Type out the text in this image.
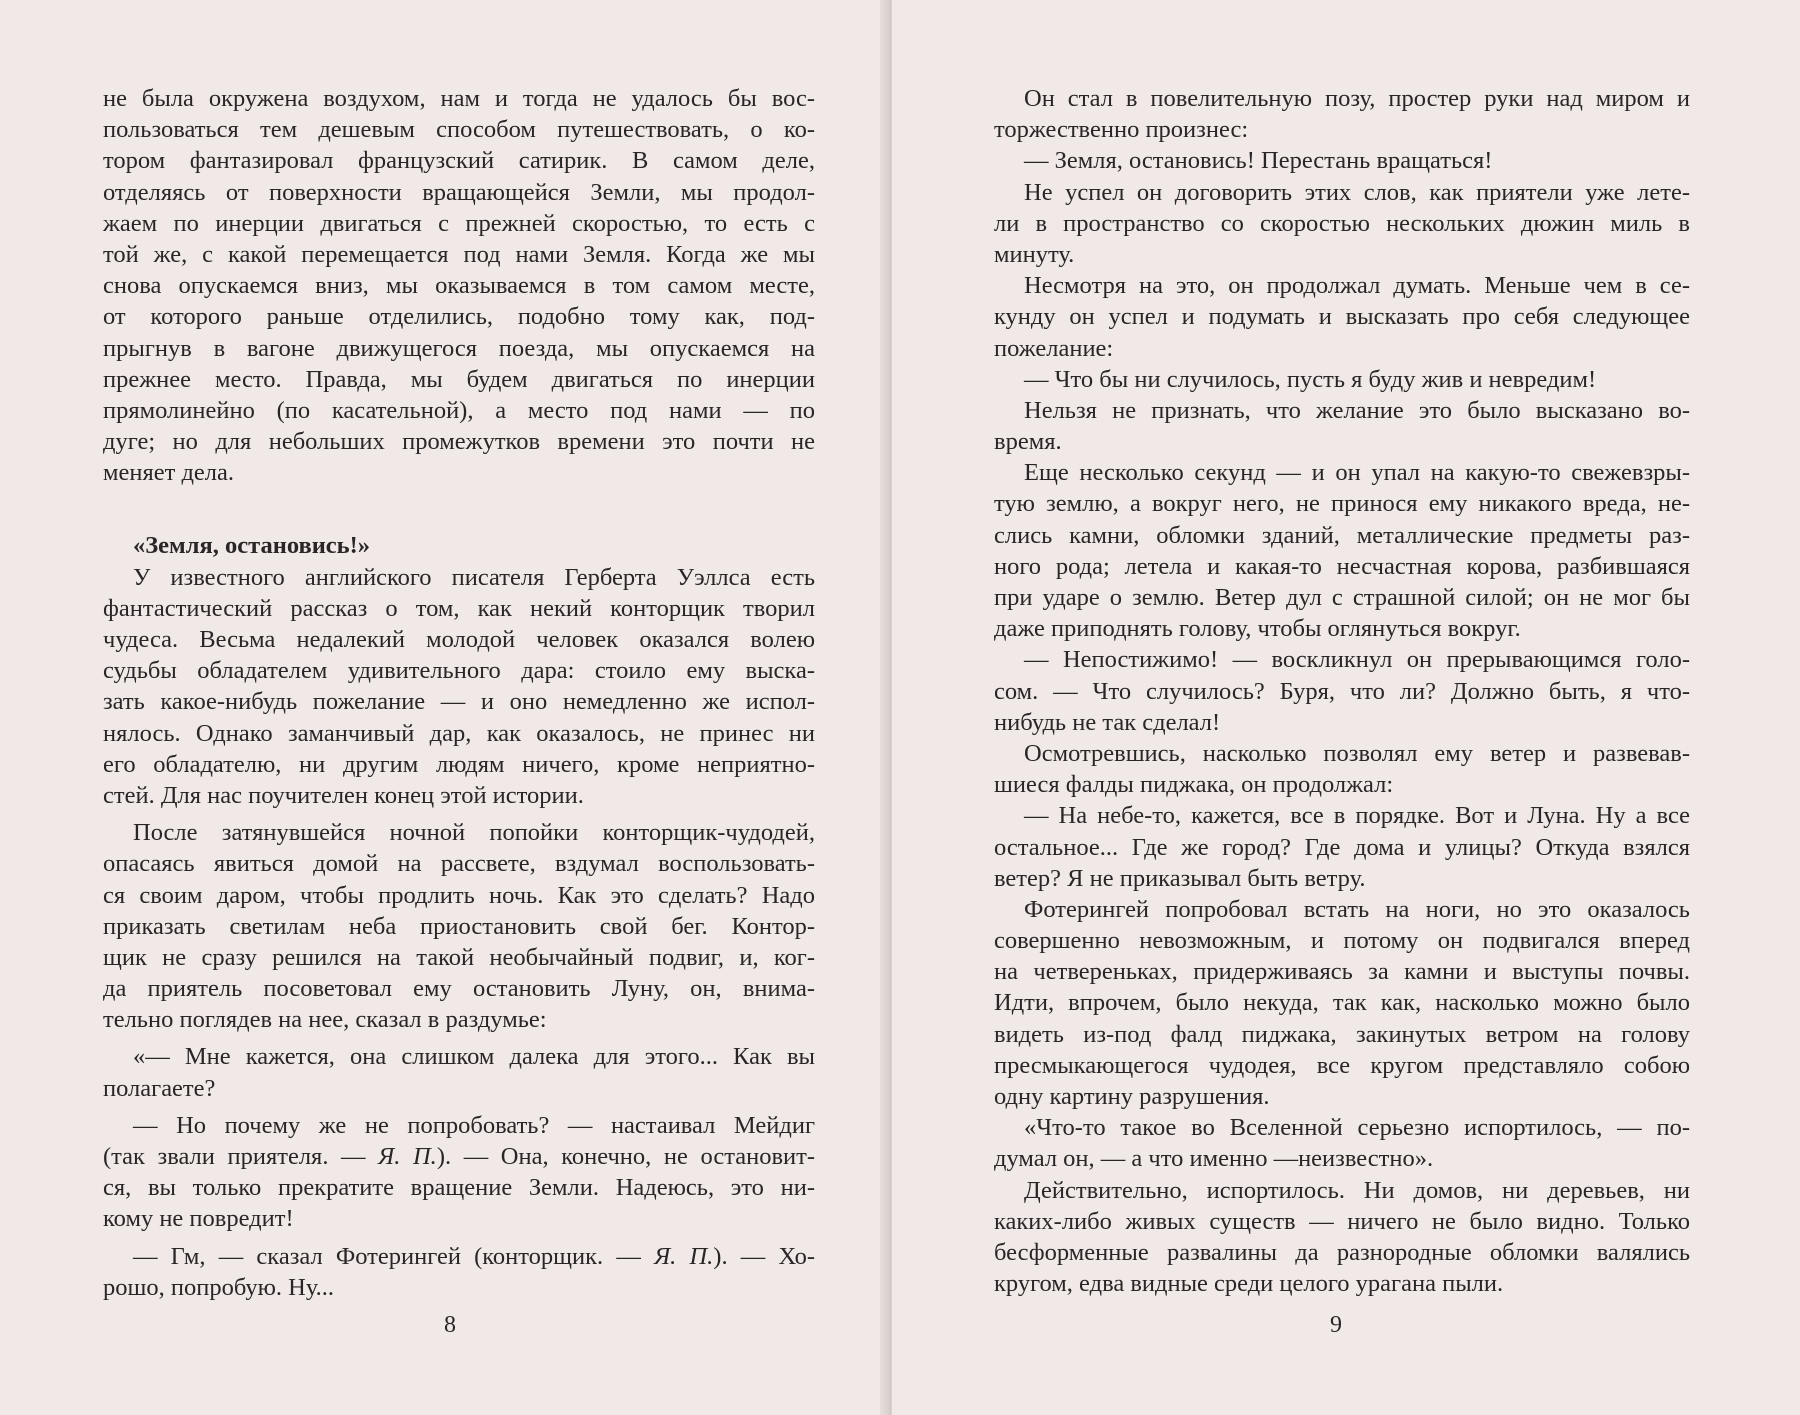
не была окружена воздухом, нам и тогда не удалось бы вос-
пользоваться тем дешевым способом путешествовать, о ко-
тором фантазировал французский сатирик. В самом деле,
отделяясь от поверхности вращающейся Земли, мы продол-
жаем по инерции двигаться с прежней скоростью, то есть с
той же, с какой перемещается под нами Земля. Когда же мы
снова опускаемся вниз, мы оказываемся в том самом месте,
от которого раньше отделились, подобно тому как, под-
прыгнув в вагоне движущегося поезда, мы опускаемся на
прежнее место. Правда, мы будем двигаться по инерции
прямолинейно (по касательной), а место под нами — по
дуге; но для небольших промежутков времени это почти не
меняет дела.
«Земля, остановись!»
У известного английского писателя Герберта Уэллса есть
фантастический рассказ о том, как некий конторщик творил
чудеса. Весьма недалекий молодой человек оказался волею
судьбы обладателем удивительного дара: стоило ему выска-
зать какое-нибудь пожелание — и оно немедленно же испол-
нялось. Однако заманчивый дар, как оказалось, не принес ни
его обладателю, ни другим людям ничего, кроме неприятно-
стей. Для нас поучителен конец этой истории.
После затянувшейся ночной попойки конторщик-чудодей,
опасаясь явиться домой на рассвете, вздумал воспользовать-
ся своим даром, чтобы продлить ночь. Как это сделать? Надо
приказать светилам неба приостановить свой бег. Контор-
щик не сразу решился на такой необычайный подвиг, и, ког-
да приятель посоветовал ему остановить Луну, он, внима-
тельно поглядев на нее, сказал в раздумье:
«— Мне кажется, она слишком далека для этого... Как вы
полагаете?
— Но почему же не попробовать? — настаивал Мейдиг
(так звали приятеля. — Я. П.). — Она, конечно, не остановит-
ся, вы только прекратите вращение Земли. Надеюсь, это ни-
кому не повредит!
— Гм, — сказал Фотерингей (конторщик. — Я. П.). — Хо-
рошо, попробую. Ну...
8
Он стал в повелительную позу, простер руки над миром и
торжественно произнес:
— Земля, остановись! Перестань вращаться!
Не успел он договорить этих слов, как приятели уже лете-
ли в пространство со скоростью нескольких дюжин миль в
минуту.
Несмотря на это, он продолжал думать. Меньше чем в се-
кунду он успел и подумать и высказать про себя следующее
пожелание:
— Что бы ни случилось, пусть я буду жив и невредим!
Нельзя не признать, что желание это было высказано во-
время.
Еще несколько секунд — и он упал на какую-то свежевзры-
тую землю, а вокруг него, не принося ему никакого вреда, не-
слись камни, обломки зданий, металлические предметы раз-
ного рода; летела и какая-то несчастная корова, разбившаяся
при ударе о землю. Ветер дул с страшной силой; он не мог бы
даже приподнять голову, чтобы оглянуться вокруг.
— Непостижимо! — воскликнул он прерывающимся голо-
сом. — Что случилось? Буря, что ли? Должно быть, я что-
нибудь не так сделал!
Осмотревшись, насколько позволял ему ветер и развевав-
шиеся фалды пиджака, он продолжал:
— На небе-то, кажется, все в порядке. Вот и Луна. Ну а все
остальное... Где же город? Где дома и улицы? Откуда взялся
ветер? Я не приказывал быть ветру.
Фотерингей попробовал встать на ноги, но это оказалось
совершенно невозможным, и потому он подвигался вперед
на четвереньках, придерживаясь за камни и выступы почвы.
Идти, впрочем, было некуда, так как, насколько можно было
видеть из-под фалд пиджака, закинутых ветром на голову
пресмыкающегося чудодея, все кругом представляло собою
одну картину разрушения.
«Что-то такое во Вселенной серьезно испортилось, — по-
думал он, — а что именно —неизвестно».
Действительно, испортилось. Ни домов, ни деревьев, ни
каких-либо живых существ — ничего не было видно. Только
бесформенные развалины да разнородные обломки валялись
кругом, едва видные среди целого урагана пыли.
9
